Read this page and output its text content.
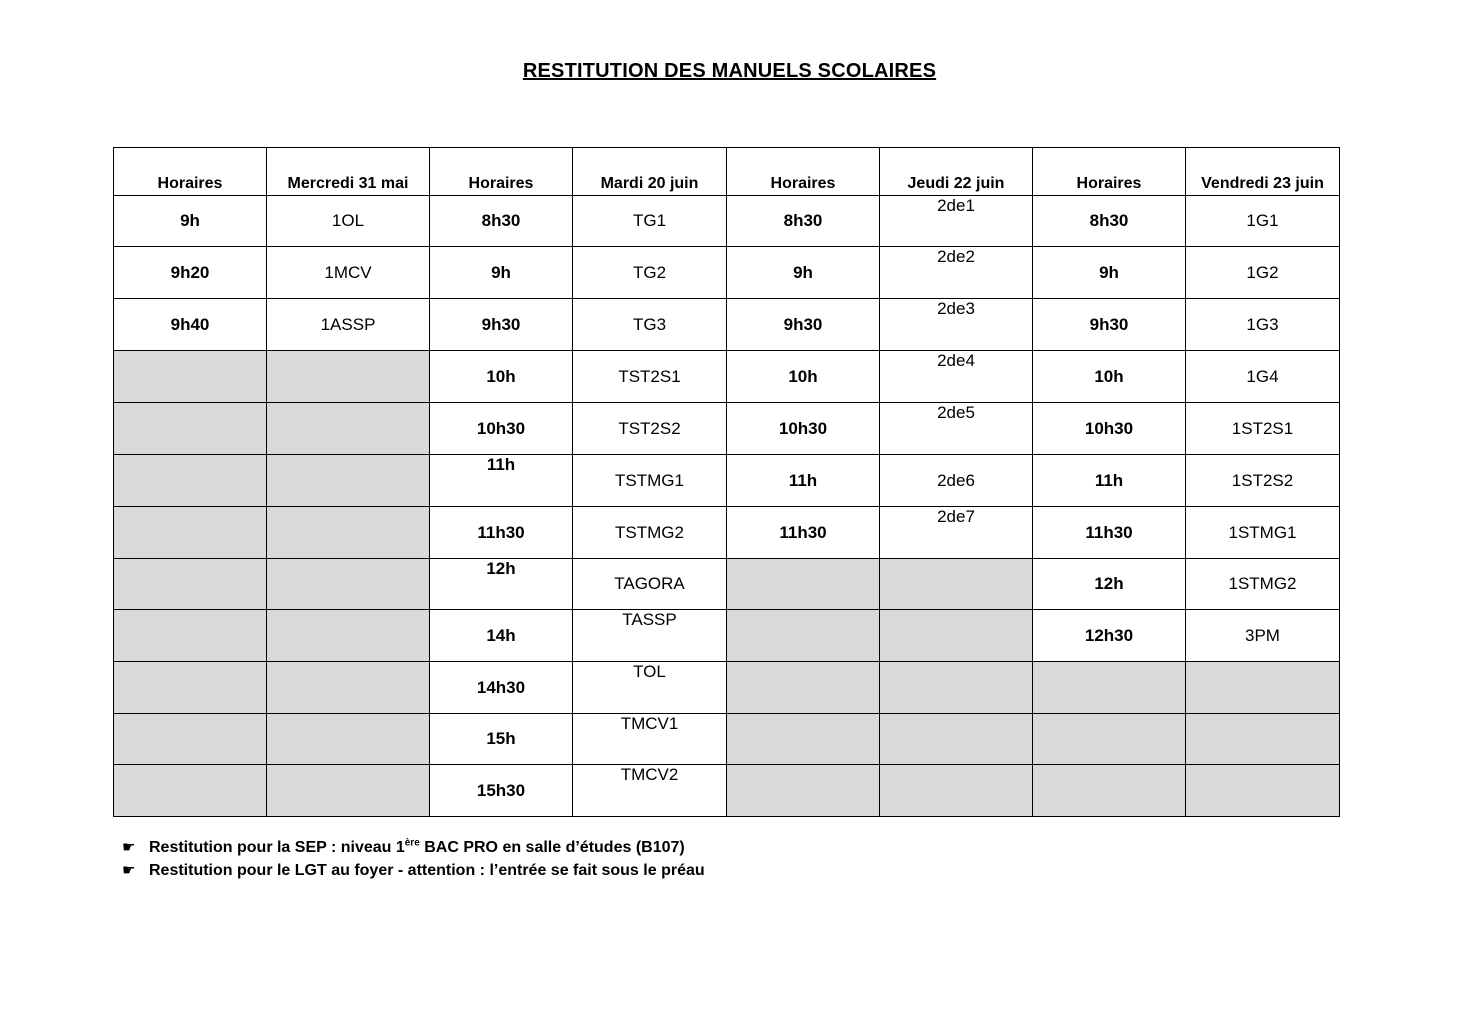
RESTITUTION DES MANUELS SCOLAIRES
Horaires	Mercredi 31 mai	Horaires	Mardi 20 juin	Horaires	Jeudi 22 juin	Horaires	Vendredi 23 juin
9h	1OL	8h30	TG1	8h30	2de1	8h30	1G1
9h20	1MCV	9h	TG2	9h	2de2	9h	1G2
9h40	1ASSP	9h30	TG3	9h30	2de3	9h30	1G3
		10h	TST2S1	10h	2de4	10h	1G4
		10h30	TST2S2	10h30	2de5	10h30	1ST2S1
		11h	TSTMG1	11h	2de6	11h	1ST2S2
		11h30	TSTMG2	11h30	2de7	11h30	1STMG1
		12h	TAGORA			12h	1STMG2
		14h	TASSP			12h30	3PM
		14h30	TOL				
		15h	TMCV1				
		15h30	TMCV2				
☛ Restitution pour la SEP : niveau 1ère BAC PRO en salle d’études (B107)
☛ Restitution pour le LGT au foyer - attention : l’entrée se fait sous le préau
